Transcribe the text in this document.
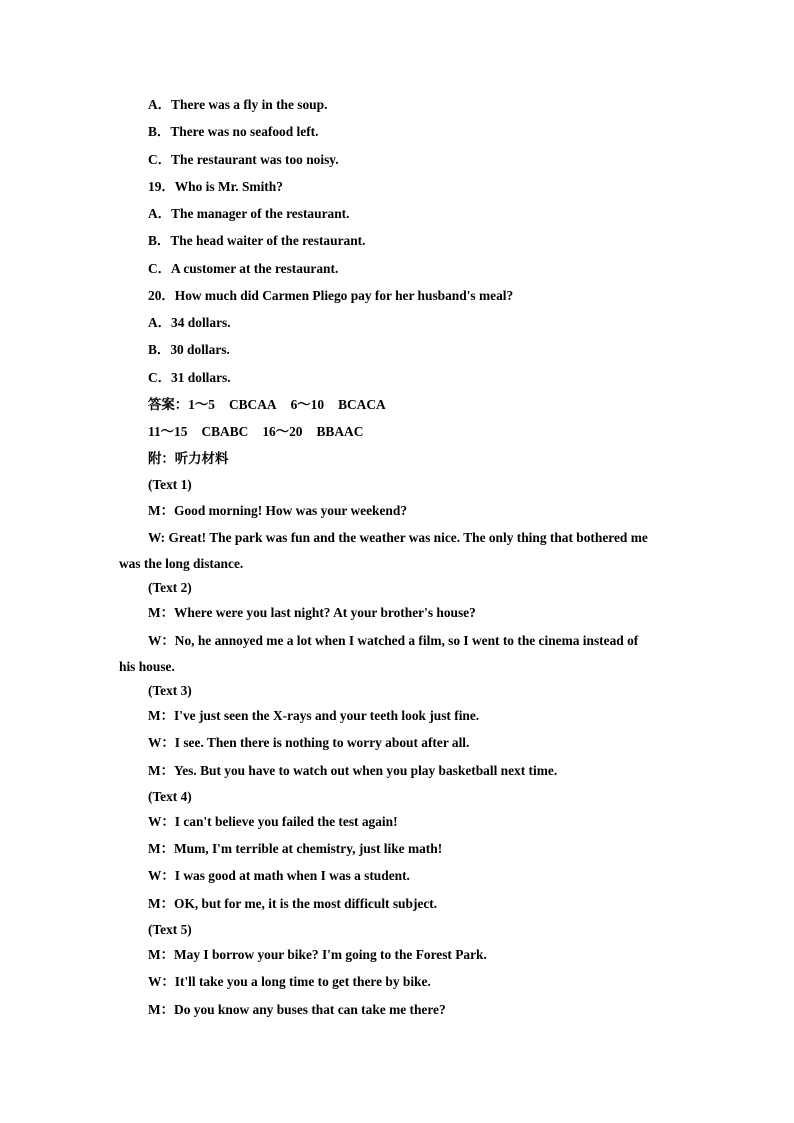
A．There was a fly in the soup.
B．There was no seafood left.
C．The restaurant was too noisy.
19．Who is Mr. Smith?
A．The manager of the restaurant.
B．The head waiter of the restaurant.
C．A customer at the restaurant.
20．How much did Carmen Pliego pay for her husband's meal?
A．34 dollars.
B．30 dollars.
C．31 dollars.
答案：1～5 CBCAA 6～10 BCACA
11～15 CBABC 16～20 BBAAC
附：听力材料
(Text 1)
M：Good morning! How was your weekend?
W: Great! The park was fun and the weather was nice. The only thing that bothered me
was the long distance.
(Text 2)
M：Where were you last night? At your brother's house?
W：No, he annoyed me a lot when I watched a film, so I went to the cinema instead of
his house.
(Text 3)
M：I've just seen the X-rays and your teeth look just fine.
W：I see. Then there is nothing to worry about after all.
M：Yes. But you have to watch out when you play basketball next time.
(Text 4)
W：I can't believe you failed the test again!
M：Mum, I'm terrible at chemistry, just like math!
W：I was good at math when I was a student.
M：OK, but for me, it is the most difficult subject.
(Text 5)
M：May I borrow your bike? I'm going to the Forest Park.
W：It'll take you a long time to get there by bike.
M：Do you know any buses that can take me there?
